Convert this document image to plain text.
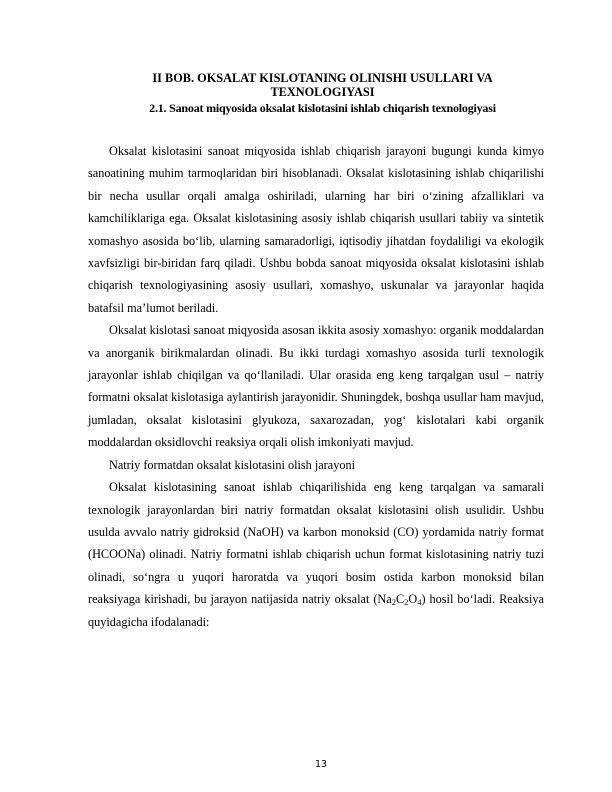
II BOB. OKSALAT KISLOTANING OLINISHI USULLARI VA TEXNOLOGIYASI
2.1. Sanoat miqyosida oksalat kislotasini ishlab chiqarish texnologiyasi

Oksalat kislotasini sanoat miqyosida ishlab chiqarish jarayoni bugungi kunda kimyo sanoatining muhim tarmoqlaridan biri hisoblanadi. Oksalat kislotasining ishlab chiqarilishi bir necha usullar orqali amalga oshiriladi, ularning har biri o‘zining afzalliklari va kamchiliklariga ega. Oksalat kislotasining asosiy ishlab chiqarish usullari tabiiy va sintetik xomashyo asosida bo‘lib, ularning samaradorligi, iqtisodiy jihatdan foydaliligi va ekologik xavfsizligi bir-biridan farq qiladi. Ushbu bobda sanoat miqyosida oksalat kislotasini ishlab chiqarish texnologiyasining asosiy usullari, xomashyo, uskunalar va jarayonlar haqida batafsil ma’lumot beriladi.

Oksalat kislotasi sanoat miqyosida asosan ikkita asosiy xomashyo: organik moddalardan va anorganik birikmalardan olinadi. Bu ikki turdagi xomashyo asosida turli texnologik jarayonlar ishlab chiqilgan va qo‘llaniladi. Ular orasida eng keng tarqalgan usul – natriy formatni oksalat kislotasiga aylantirish jarayonidir. Shuningdek, boshqa usullar ham mavjud, jumladan, oksalat kislotasini glyukoza, saxarozadan, yog‘ kislotalari kabi organik moddalardan oksidlovchi reaksiya orqali olish imkoniyati mavjud.

Natriy formatdan oksalat kislotasini olish jarayoni

Oksalat kislotasining sanoat ishlab chiqarilishida eng keng tarqalgan va samarali texnologik jarayonlardan biri natriy formatdan oksalat kislotasini olish usulidir. Ushbu usulda avvalo natriy gidroksid (NaOH) va karbon monoksid (CO) yordamida natriy format (HCOONa) olinadi. Natriy formatni ishlab chiqarish uchun format kislotasining natriy tuzi olinadi, so‘ngra u yuqori haroratda va yuqori bosim ostida karbon monoksid bilan reaksiyaga kirishadi, bu jarayon natijasida natriy oksalat $(Na_2C_2O_4)$ hosil bo‘ladi. Reaksiya quyidagicha ifodalanadi:

13
